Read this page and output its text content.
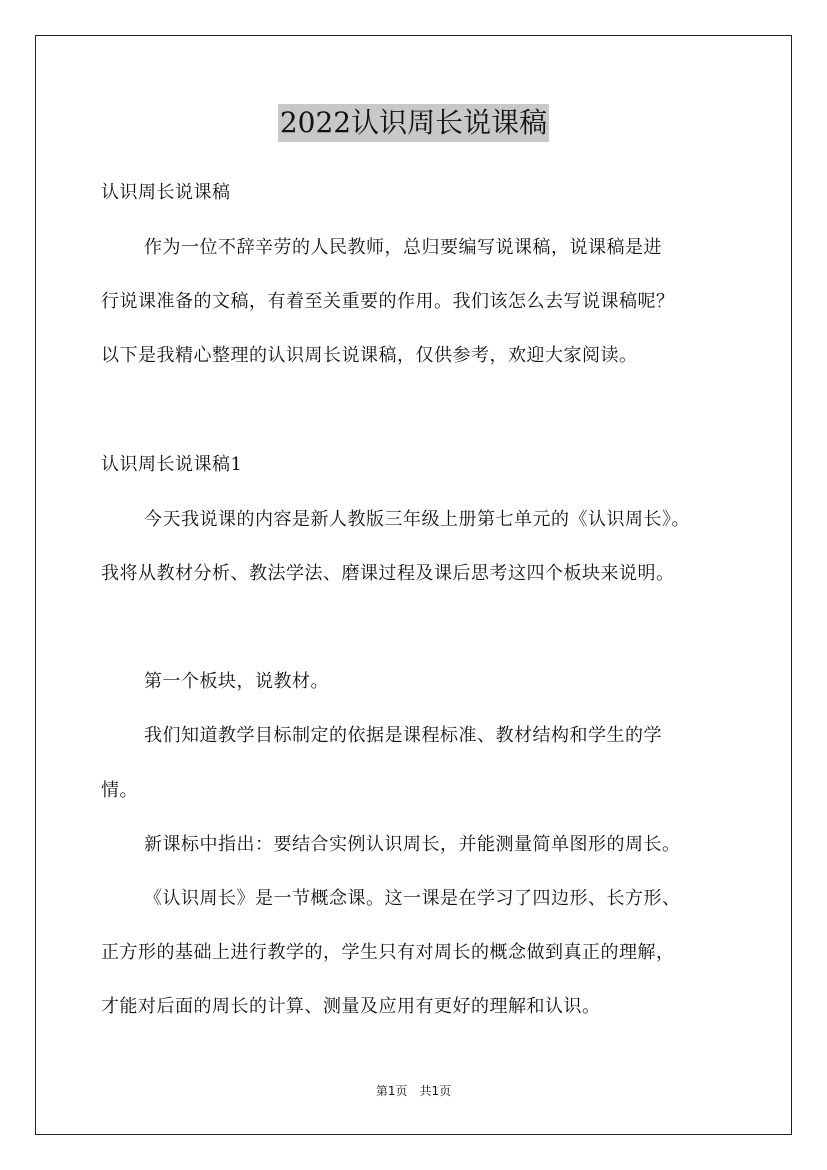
2022认识周长说课稿
认识周长说课稿
作为一位不辞辛劳的人民教师，总归要编写说课稿，说课稿是进
行说课准备的文稿，有着至关重要的作用。我们该怎么去写说课稿呢？
以下是我精心整理的认识周长说课稿，仅供参考，欢迎大家阅读。
认识周长说课稿1
今天我说课的内容是新人教版三年级上册第七单元的《认识周长》。
我将从教材分析、教法学法、磨课过程及课后思考这四个板块来说明。
第一个板块，说教材。
我们知道教学目标制定的依据是课程标准、教材结构和学生的学
情。
新课标中指出：要结合实例认识周长，并能测量简单图形的周长。
《认识周长》是一节概念课。这一课是在学习了四边形、长方形、
正方形的基础上进行教学的，学生只有对周长的概念做到真正的理解，
才能对后面的周长的计算、测量及应用有更好的理解和认识。
第1页　共1页
